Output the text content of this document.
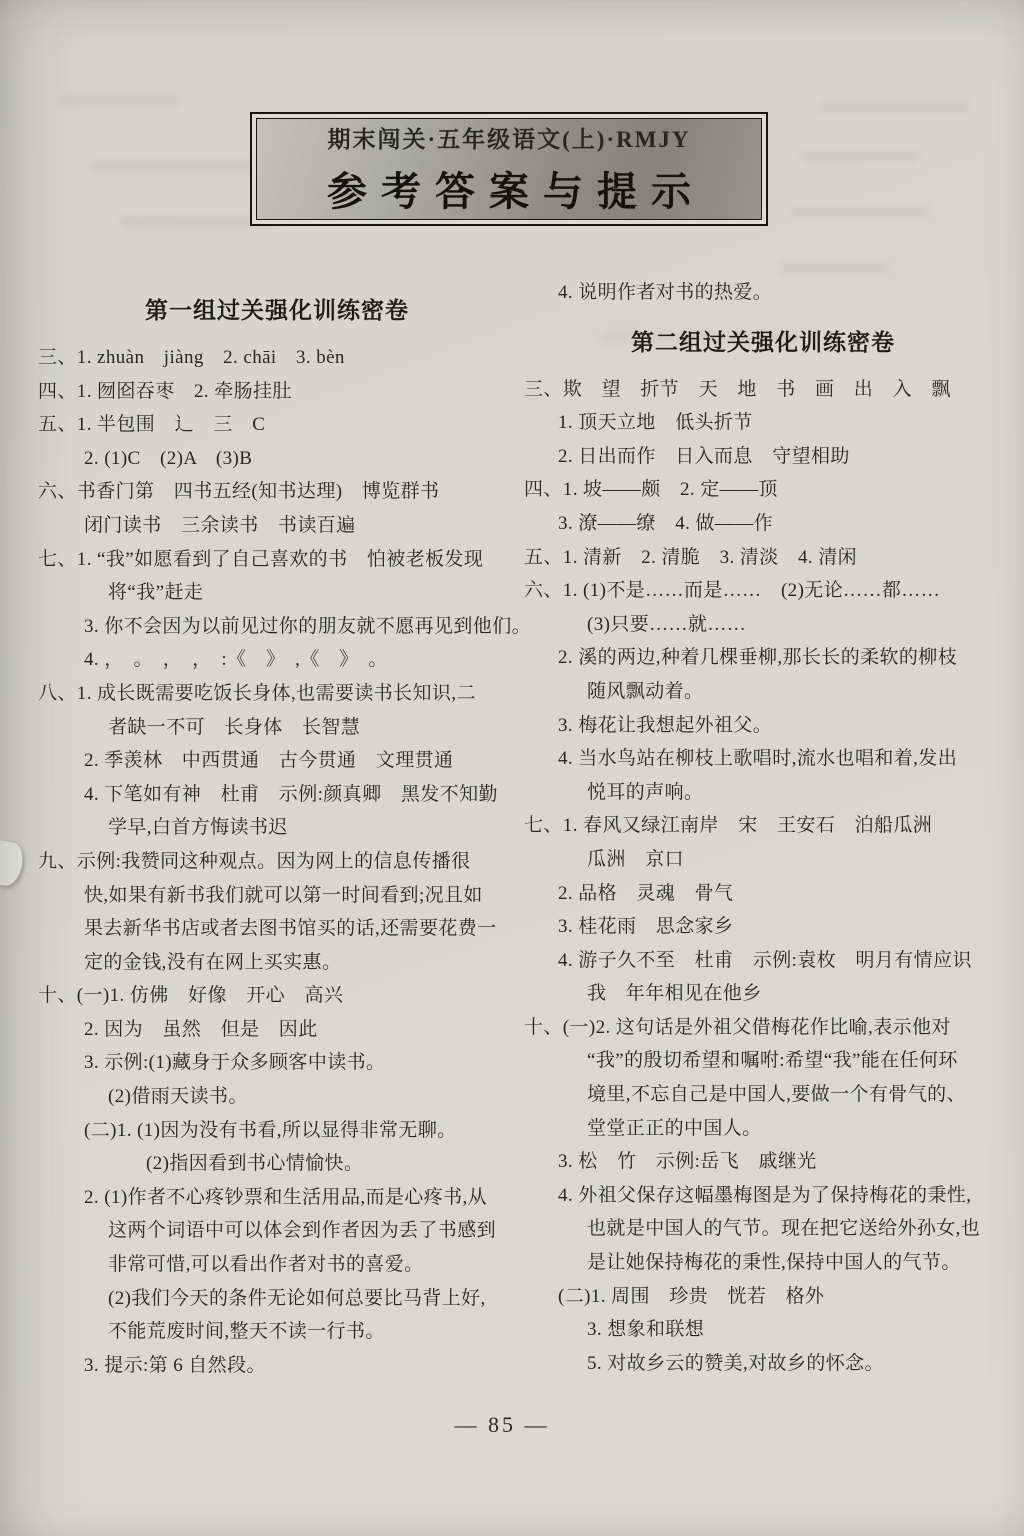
期末闯关·五年级语文(上)·RMJY
参考答案与提示
第一组过关强化训练密卷
三、1. zhuàn　jiàng　2. chāi　3. bèn
四、1. 囫囵吞枣　2. 牵肠挂肚
五、1. 半包围　辶　三　C
2. (1)C　(2)A　(3)B
六、书香门第　四书五经(知书达理)　博览群书
闭门读书　三余读书　书读百遍
七、1. “我”如愿看到了自己喜欢的书　怕被老板发现
将“我”赶走
3. 你不会因为以前见过你的朋友就不愿再见到他们。
4. ，　。　，　，　:《　》　,《　》　。
八、1. 成长既需要吃饭长身体,也需要读书长知识,二
者缺一不可　长身体　长智慧
2. 季羡林　中西贯通　古今贯通　文理贯通
4. 下笔如有神　杜甫　示例:颜真卿　黑发不知勤
学早,白首方悔读书迟
九、示例:我赞同这种观点。因为网上的信息传播很
快,如果有新书我们就可以第一时间看到;况且如
果去新华书店或者去图书馆买的话,还需要花费一
定的金钱,没有在网上买实惠。
十、(一)1. 仿佛　好像　开心　高兴
2. 因为　虽然　但是　因此
3. 示例:(1)藏身于众多顾客中读书。
(2)借雨天读书。
(二)1. (1)因为没有书看,所以显得非常无聊。
(2)指因看到书心情愉快。
2. (1)作者不心疼钞票和生活用品,而是心疼书,从
这两个词语中可以体会到作者因为丢了书感到
非常可惜,可以看出作者对书的喜爱。
(2)我们今天的条件无论如何总要比马背上好,
不能荒废时间,整天不读一行书。
3. 提示:第 6 自然段。
4. 说明作者对书的热爱。
第二组过关强化训练密卷
三、欺　望　折节　天　地　书　画　出　入　飘
1. 顶天立地　低头折节
2. 日出而作　日入而息　守望相助
四、1. 坡——颇　2. 定——顶
3. 潦——缭　4. 做——作
五、1. 清新　2. 清脆　3. 清淡　4. 清闲
六、1. (1)不是……而是……　(2)无论……都……
(3)只要……就……
2. 溪的两边,种着几棵垂柳,那长长的柔软的柳枝
随风飘动着。
3. 梅花让我想起外祖父。
4. 当水鸟站在柳枝上歌唱时,流水也唱和着,发出
悦耳的声响。
七、1. 春风又绿江南岸　宋　王安石　泊船瓜洲
瓜洲　京口
2. 品格　灵魂　骨气
3. 桂花雨　思念家乡
4. 游子久不至　杜甫　示例:袁枚　明月有情应识
我　年年相见在他乡
十、(一)2. 这句话是外祖父借梅花作比喻,表示他对
“我”的殷切希望和嘱咐:希望“我”能在任何环
境里,不忘自己是中国人,要做一个有骨气的、
堂堂正正的中国人。
3. 松　竹　示例:岳飞　戚继光
4. 外祖父保存这幅墨梅图是为了保持梅花的秉性,
也就是中国人的气节。现在把它送给外孙女,也
是让她保持梅花的秉性,保持中国人的气节。
(二)1. 周围　珍贵　恍若　格外
3. 想象和联想
5. 对故乡云的赞美,对故乡的怀念。
— 85 —
